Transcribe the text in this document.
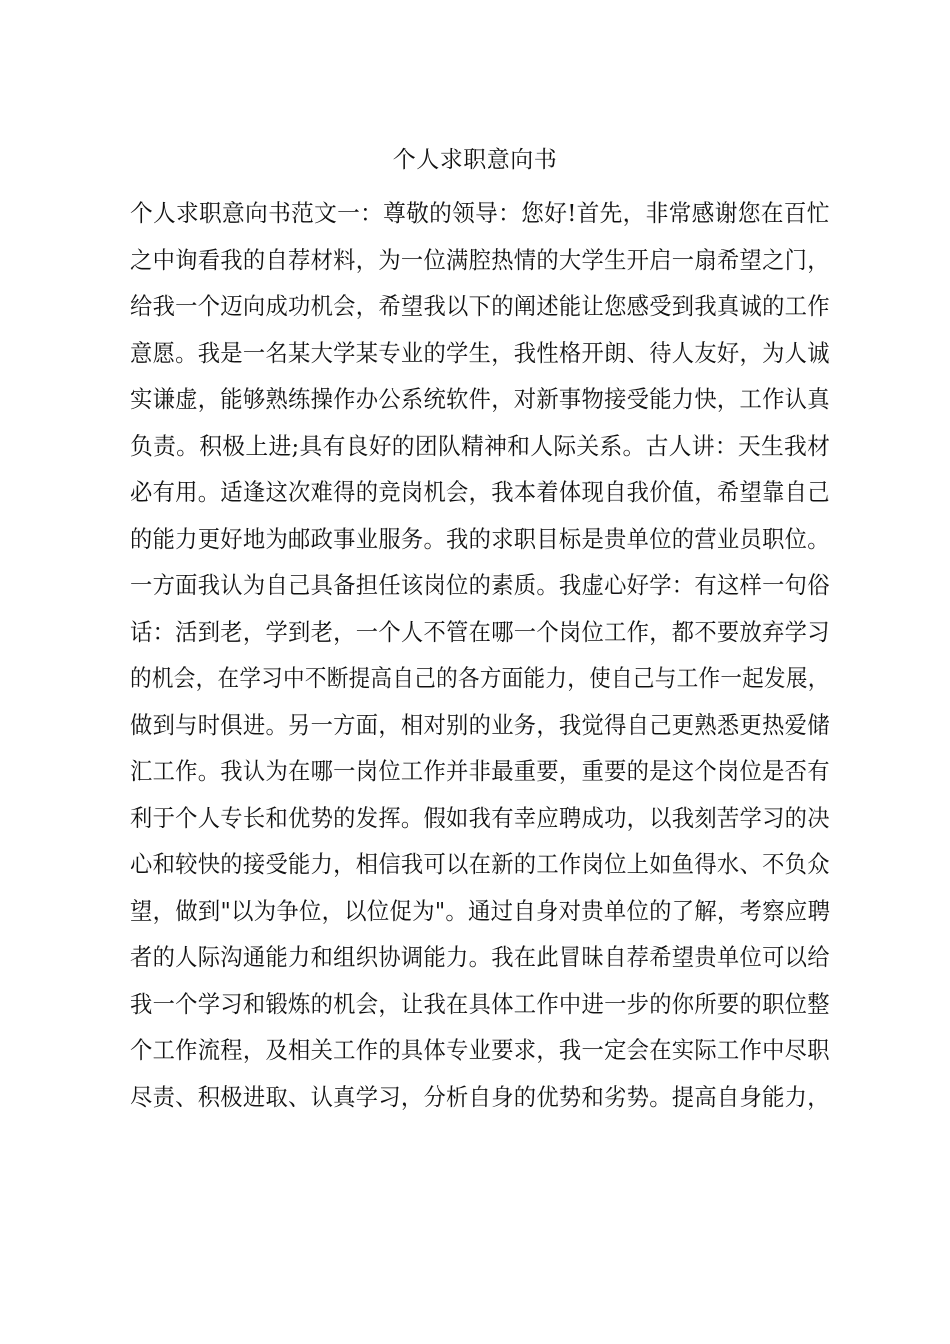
个人求职意向书
个人求职意向书范文一：尊敬的领导：您好!首先，非常感谢您在百忙
之中询看我的自荐材料，为一位满腔热情的大学生开启一扇希望之门，
给我一个迈向成功机会，希望我以下的阐述能让您感受到我真诚的工作
意愿。我是一名某大学某专业的学生，我性格开朗、待人友好，为人诚
实谦虚，能够熟练操作办公系统软件，对新事物接受能力快，工作认真
负责。积极上进;具有良好的团队精神和人际关系。古人讲：天生我材
必有用。适逢这次难得的竞岗机会，我本着体现自我价值，希望靠自己
的能力更好地为邮政事业服务。我的求职目标是贵单位的营业员职位。
一方面我认为自己具备担任该岗位的素质。我虚心好学：有这样一句俗
话：活到老，学到老，一个人不管在哪一个岗位工作，都不要放弃学习
的机会，在学习中不断提高自己的各方面能力，使自己与工作一起发展，
做到与时俱进。另一方面，相对别的业务，我觉得自己更熟悉更热爱储
汇工作。我认为在哪一岗位工作并非最重要，重要的是这个岗位是否有
利于个人专长和优势的发挥。假如我有幸应聘成功，以我刻苦学习的决
心和较快的接受能力，相信我可以在新的工作岗位上如鱼得水、不负众
望，做到"以为争位，以位促为"。通过自身对贵单位的了解，考察应聘
者的人际沟通能力和组织协调能力。我在此冒昧自荐希望贵单位可以给
我一个学习和锻炼的机会，让我在具体工作中进一步的你所要的职位整
个工作流程，及相关工作的具体专业要求，我一定会在实际工作中尽职
尽责、积极进取、认真学习，分析自身的优势和劣势。提高自身能力，
